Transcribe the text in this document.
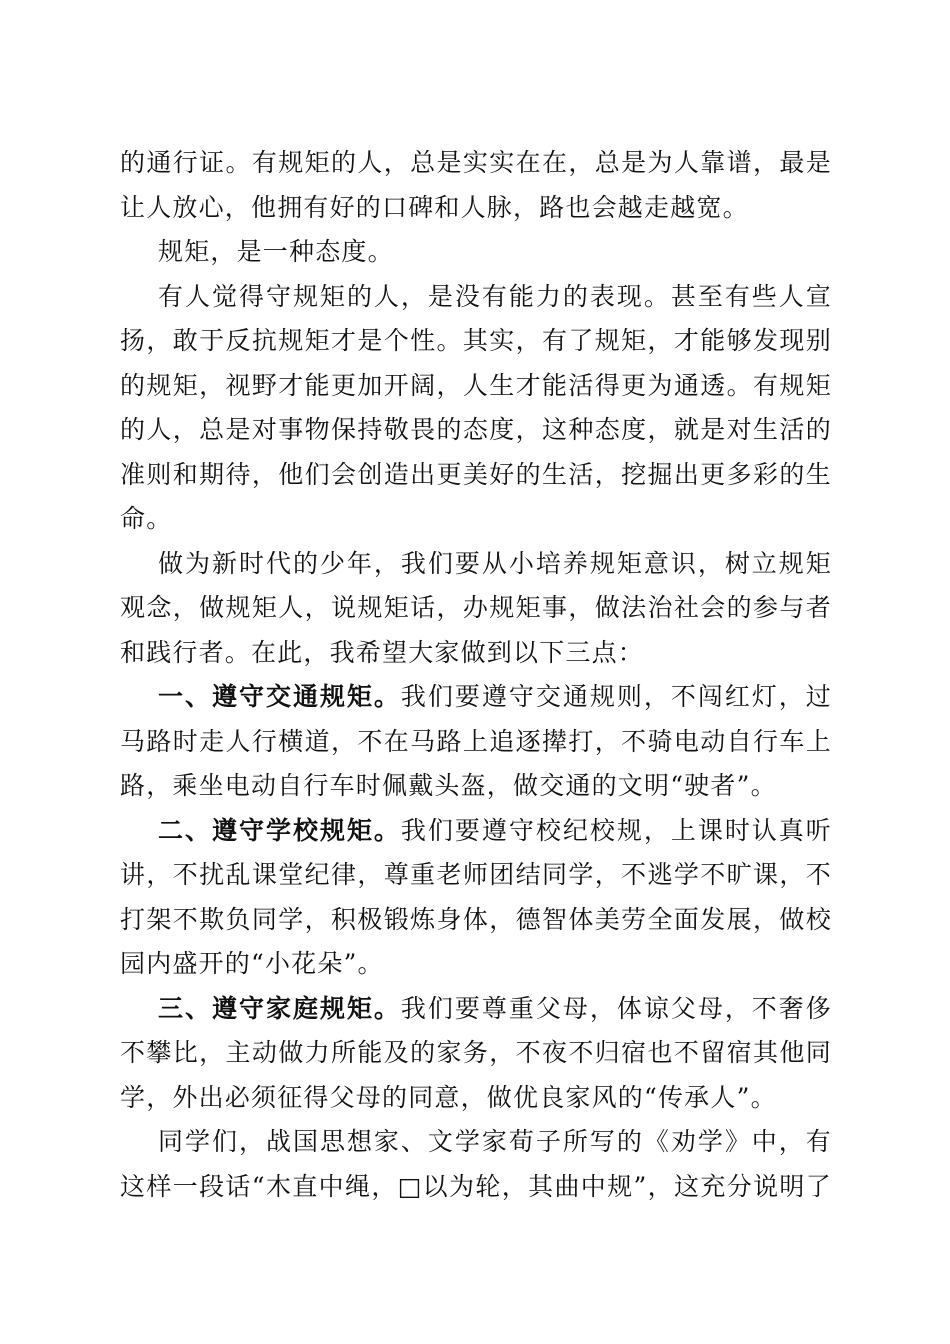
的通行证。有规矩的人，总是实实在在，总是为人靠谱，最是让人放心，他拥有好的口碑和人脉，路也会越走越宽。

规矩，是一种态度。

有人觉得守规矩的人，是没有能力的表现。甚至有些人宣扬，敢于反抗规矩才是个性。其实，有了规矩，才能够发现别的规矩，视野才能更加开阔，人生才能活得更为通透。有规矩的人，总是对事物保持敬畏的态度，这种态度，就是对生活的准则和期待，他们会创造出更美好的生活，挖掘出更多彩的生命。

做为新时代的少年，我们要从小培养规矩意识，树立规矩观念，做规矩人，说规矩话，办规矩事，做法治社会的参与者和践行者。在此，我希望大家做到以下三点：

一、遵守交通规矩。我们要遵守交通规则，不闯红灯，过马路时走人行横道，不在马路上追逐撵打，不骑电动自行车上路，乘坐电动自行车时佩戴头盔，做交通的文明“驶者”。

二、遵守学校规矩。我们要遵守校纪校规，上课时认真听讲，不扰乱课堂纪律，尊重老师团结同学，不逃学不旷课，不打架不欺负同学，积极锻炼身体，德智体美劳全面发展，做校园内盛开的“小花朵”。

三、遵守家庭规矩。我们要尊重父母，体谅父母，不奢侈不攀比，主动做力所能及的家务，不夜不归宿也不留宿其他同学，外出必须征得父母的同意，做优良家风的“传承人”。

同学们，战国思想家、文学家荀子所写的《劝学》中，有这样一段话“木直中绳，□以为轮，其曲中规”，这充分说明了
